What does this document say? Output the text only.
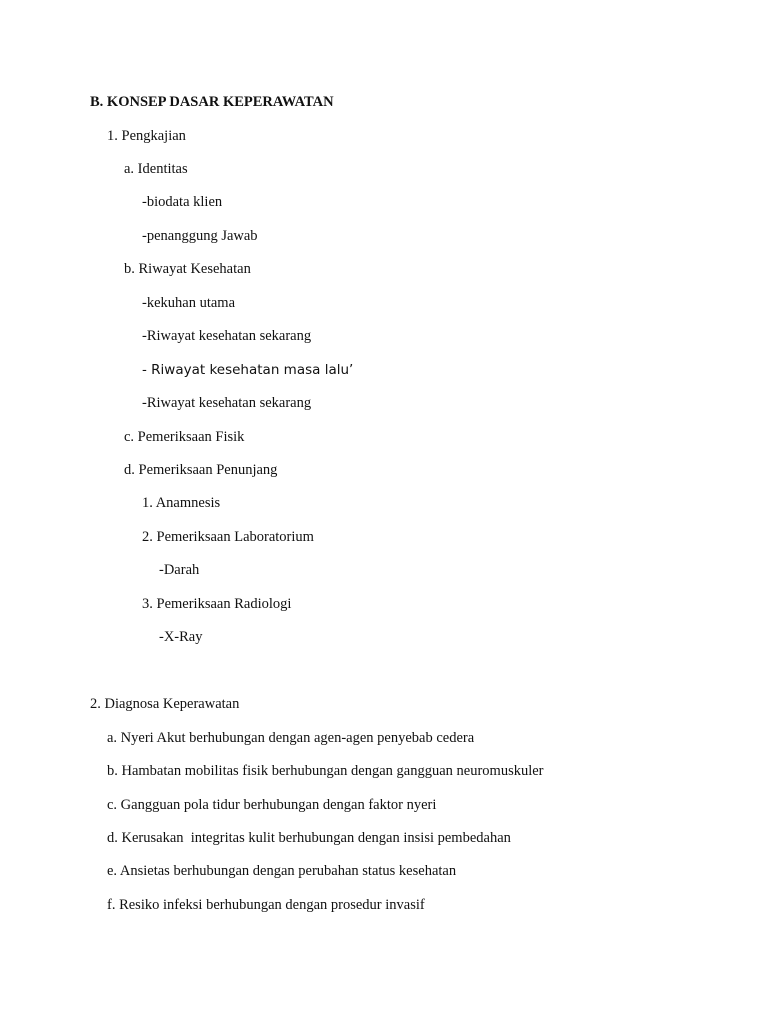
B. KONSEP DASAR KEPERAWATAN
1. Pengkajian
a. Identitas
-biodata klien
-penanggung Jawab
b. Riwayat Kesehatan
-kekuhan utama
-Riwayat kesehatan sekarang
- Riwayat kesehatan masa lalu’
-Riwayat kesehatan sekarang
c. Pemeriksaan Fisik
d. Pemeriksaan Penunjang
1. Anamnesis
2. Pemeriksaan Laboratorium
-Darah
3. Pemeriksaan Radiologi
-X-Ray
2. Diagnosa Keperawatan
a. Nyeri Akut berhubungan dengan agen-agen penyebab cedera
b. Hambatan mobilitas fisik berhubungan dengan gangguan neuromuskuler
c. Gangguan pola tidur berhubungan dengan faktor nyeri
d. Kerusakan  integritas kulit berhubungan dengan insisi pembedahan
e. Ansietas berhubungan dengan perubahan status kesehatan
f. Resiko infeksi berhubungan dengan prosedur invasif
